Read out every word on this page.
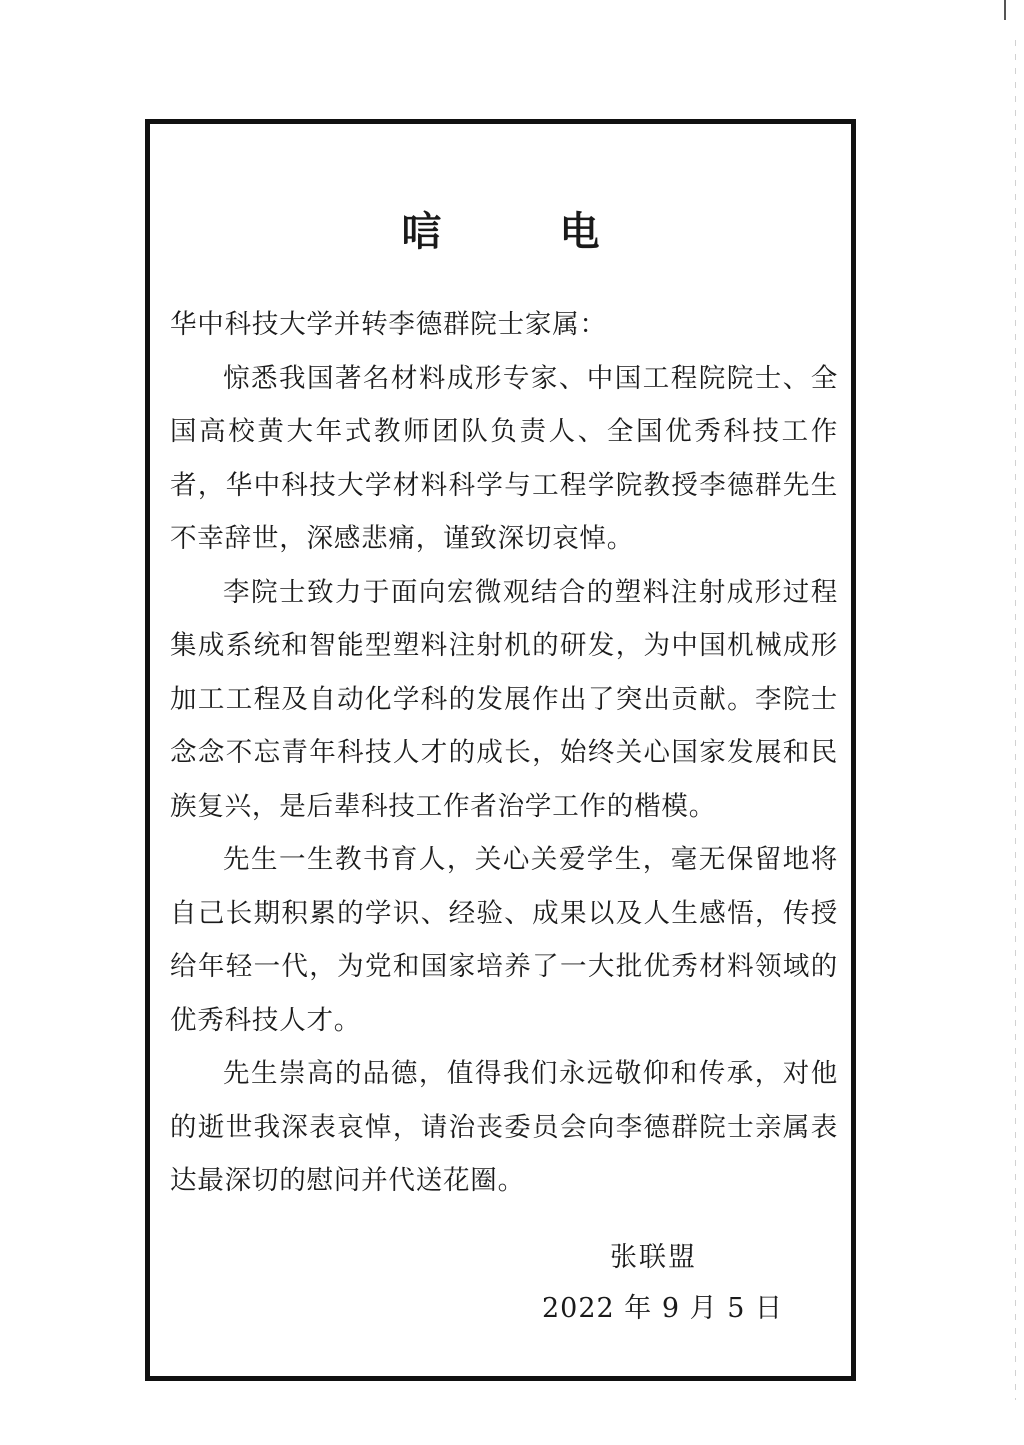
唁 电

华中科技大学并转李德群院士家属：

惊悉我国著名材料成形专家、中国工程院院士、全国高校黄大年式教师团队负责人、全国优秀科技工作者，华中科技大学材料科学与工程学院教授李德群先生不幸辞世，深感悲痛，谨致深切哀悼。

李院士致力于面向宏微观结合的塑料注射成形过程集成系统和智能型塑料注射机的研发，为中国机械成形加工工程及自动化学科的发展作出了突出贡献。李院士念念不忘青年科技人才的成长，始终关心国家发展和民族复兴，是后辈科技工作者治学工作的楷模。

先生一生教书育人，关心关爱学生，毫无保留地将自己长期积累的学识、经验、成果以及人生感悟，传授给年轻一代，为党和国家培养了一大批优秀材料领域的优秀科技人才。

先生崇高的品德，值得我们永远敬仰和传承，对他的逝世我深表哀悼，请治丧委员会向李德群院士亲属表达最深切的慰问并代送花圈。

张联盟
2022 年 9 月 5 日
